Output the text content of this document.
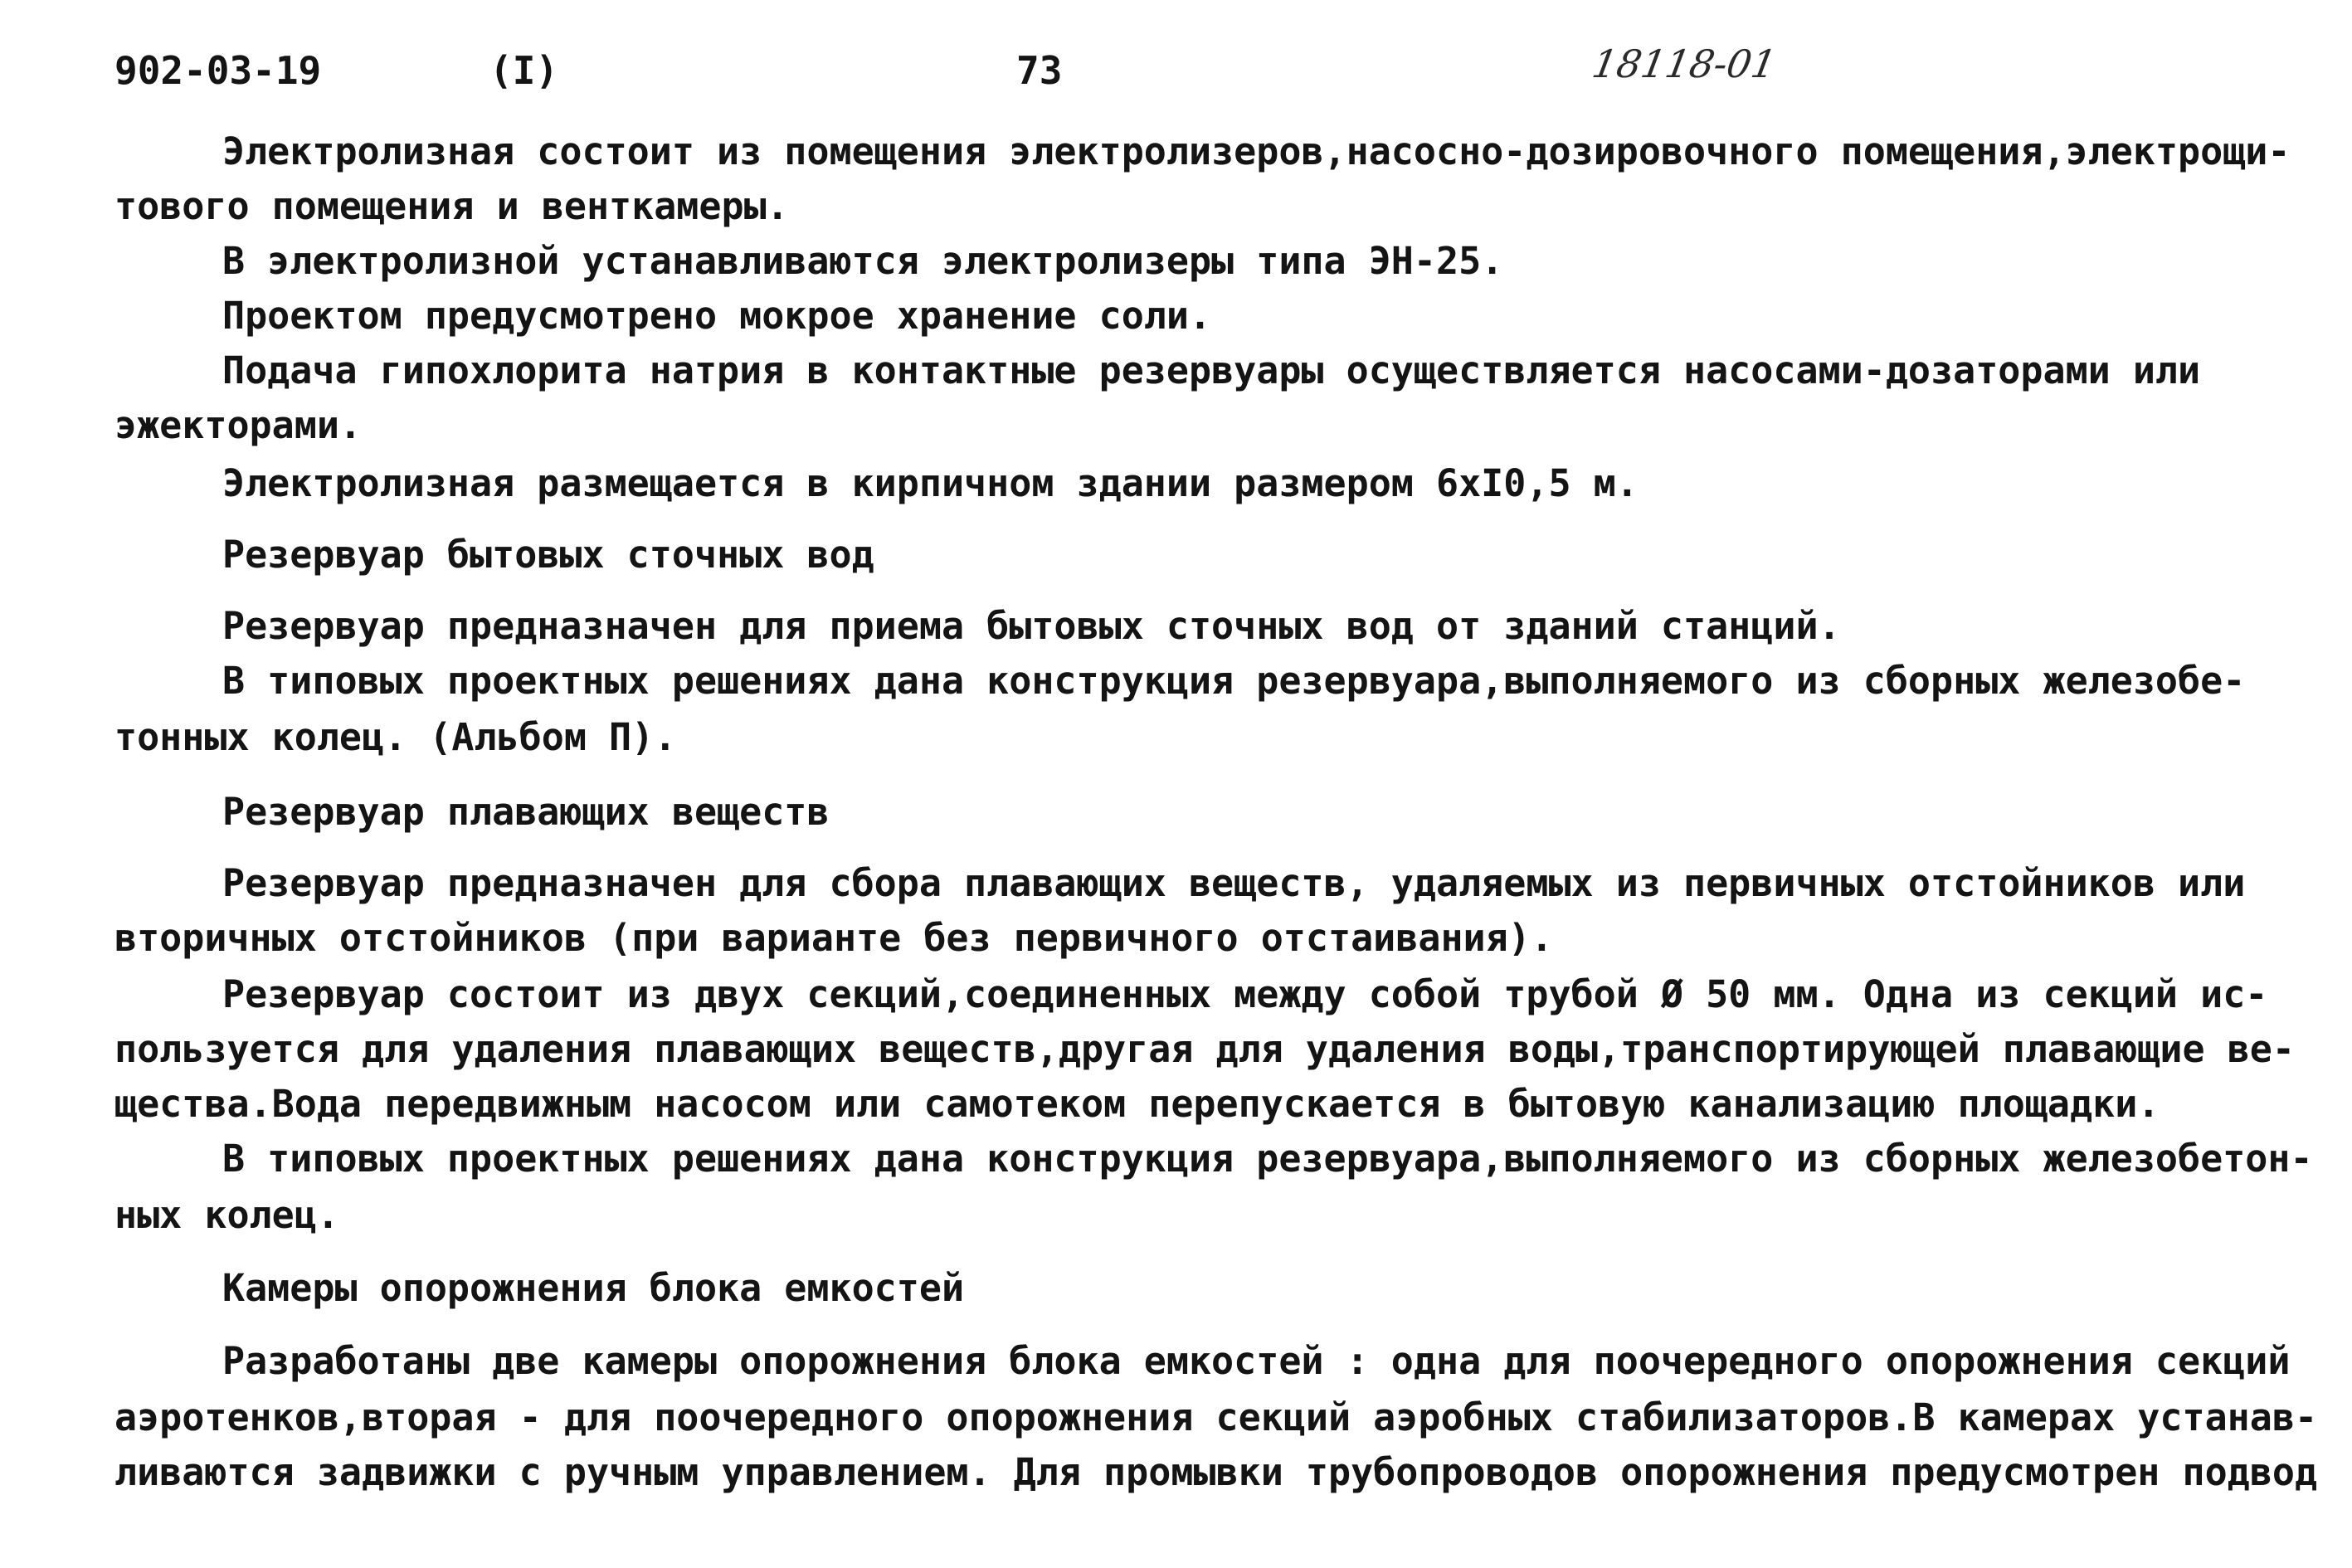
902-03-19	(I)	73	18118-01
Электролизная состоит из помещения электролизеров,насосно-дозировочного помещения,электрощи-
тового помещения и венткамеры.
В электролизной устанавливаются электролизеры типа ЭН-25.
Проектом предусмотрено мокрое хранение соли.
Подача гипохлорита натрия в контактные резервуары осуществляется насосами-дозаторами или
эжекторами.
Электролизная размещается в кирпичном здании размером 6хI0,5 м.
Резервуар бытовых сточных вод
Резервуар предназначен для приема бытовых сточных вод от зданий станций.
В типовых проектных решениях дана конструкция резервуара,выполняемого из сборных железобе-
тонных колец. (Альбом П).
Резервуар плавающих веществ
Резервуар предназначен для сбора плавающих веществ, удаляемых из первичных отстойников или
вторичных отстойников (при варианте без первичного отстаивания).
Резервуар состоит из двух секций,соединенных между собой трубой Ø 50 мм. Одна из секций ис-
пользуется для удаления плавающих веществ,другая для удаления воды,транспортирующей плавающие ве-
щества.Вода передвижным насосом или самотеком перепускается в бытовую канализацию площадки.
В типовых проектных решениях дана конструкция резервуара,выполняемого из сборных железобетон-
ных колец.
Камеры опорожнения блока емкостей
Разработаны две камеры опорожнения блока емкостей : одна для поочередного опорожнения секций
аэротенков,вторая - для поочередного опорожнения секций аэробных стабилизаторов.В камерах устанав-
ливаются задвижки с ручным управлением. Для промывки трубопроводов опорожнения предусмотрен подвод
